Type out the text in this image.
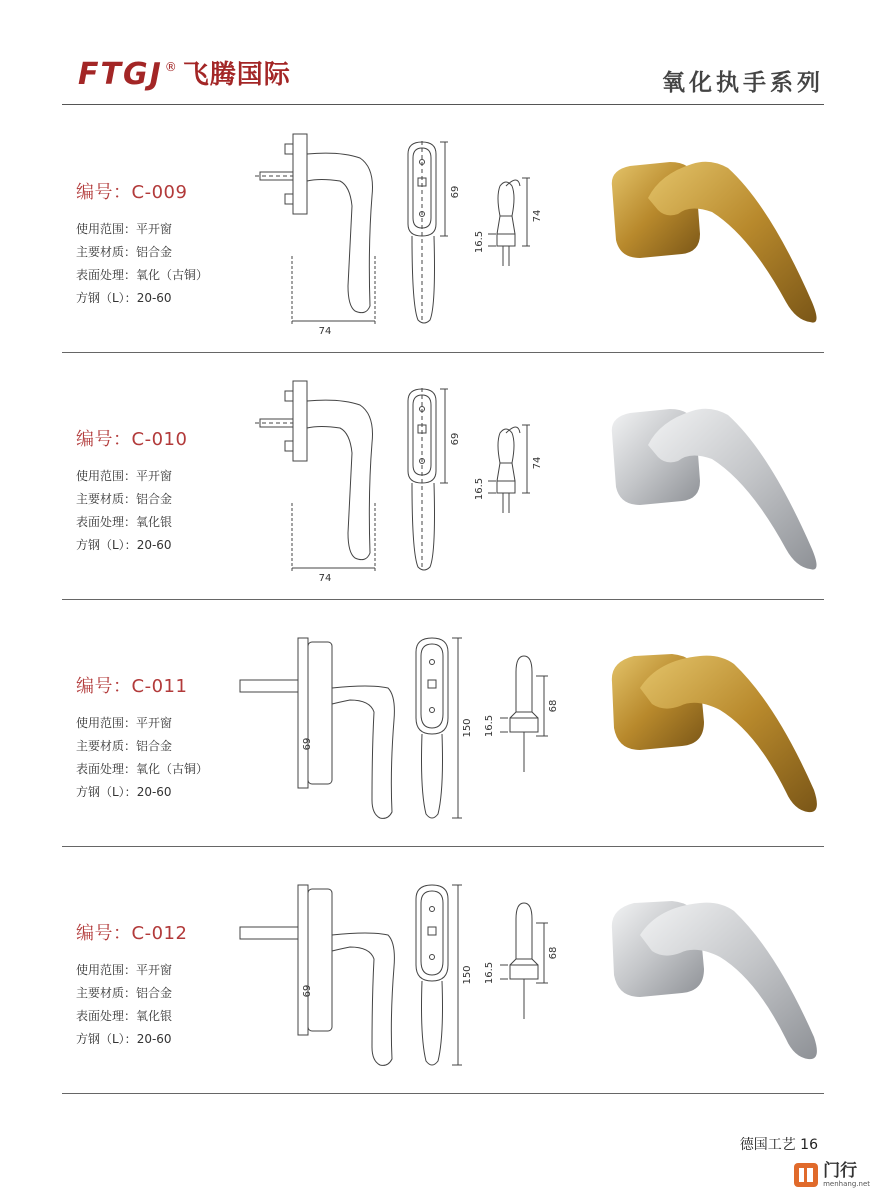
FTGJ ® 飞腾国际	氧化执手系列
编号：C-009
使用范围：平开窗
主要材质：铝合金
表面处理：氧化（古铜）
方钢（L）：20-60
74
69
74
16.5
编号：C-010
使用范围：平开窗
主要材质：铝合金
表面处理：氧化银
方钢（L）：20-60
74
69
74
16.5
编号：C-011
使用范围：平开窗
主要材质：铝合金
表面处理：氧化（古铜）
方钢（L）：20-60
69
150
68
16.5
编号：C-012
使用范围：平开窗
主要材质：铝合金
表面处理：氧化银
方钢（L）：20-60
69
150
68
16.5
德国工艺 16
门行
menhang.net
